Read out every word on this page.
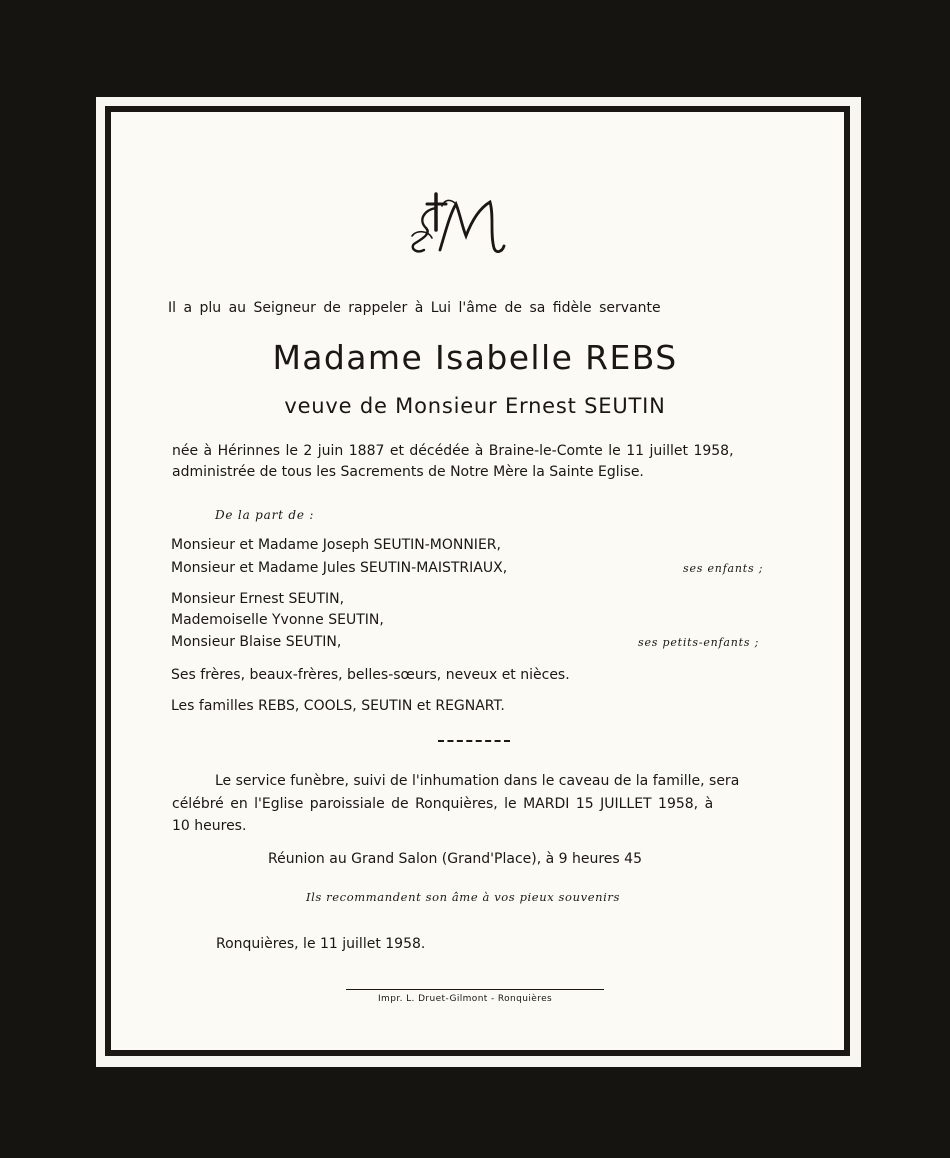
Il a plu au Seigneur de rappeler à Lui l'âme de sa fidèle servante
Madame Isabelle REBS
veuve de Monsieur Ernest SEUTIN
née à Hérinnes le 2 juin 1887 et décédée à Braine-le-Comte le 11 juillet 1958,
administrée de tous les Sacrements de Notre Mère la Sainte Eglise.
De la part de :
Monsieur et Madame Joseph SEUTIN-MONNIER,
Monsieur et Madame Jules SEUTIN-MAISTRIAUX,	ses enfants ;
Monsieur Ernest SEUTIN,
Mademoiselle Yvonne SEUTIN,
Monsieur Blaise SEUTIN,	ses petits-enfants ;
Ses frères, beaux-frères, belles-sœurs, neveux et nièces.
Les familles REBS, COOLS, SEUTIN et REGNART.
Le service funèbre, suivi de l'inhumation dans le caveau de la famille, sera
célébré en l'Eglise paroissiale de Ronquières, le MARDI 15 JUILLET 1958, à
10 heures.
Réunion au Grand Salon (Grand'Place), à 9 heures 45
Ils recommandent son âme à vos pieux souvenirs
Ronquières, le 11 juillet 1958.
Impr. L. Druet-Gilmont - Ronquières
